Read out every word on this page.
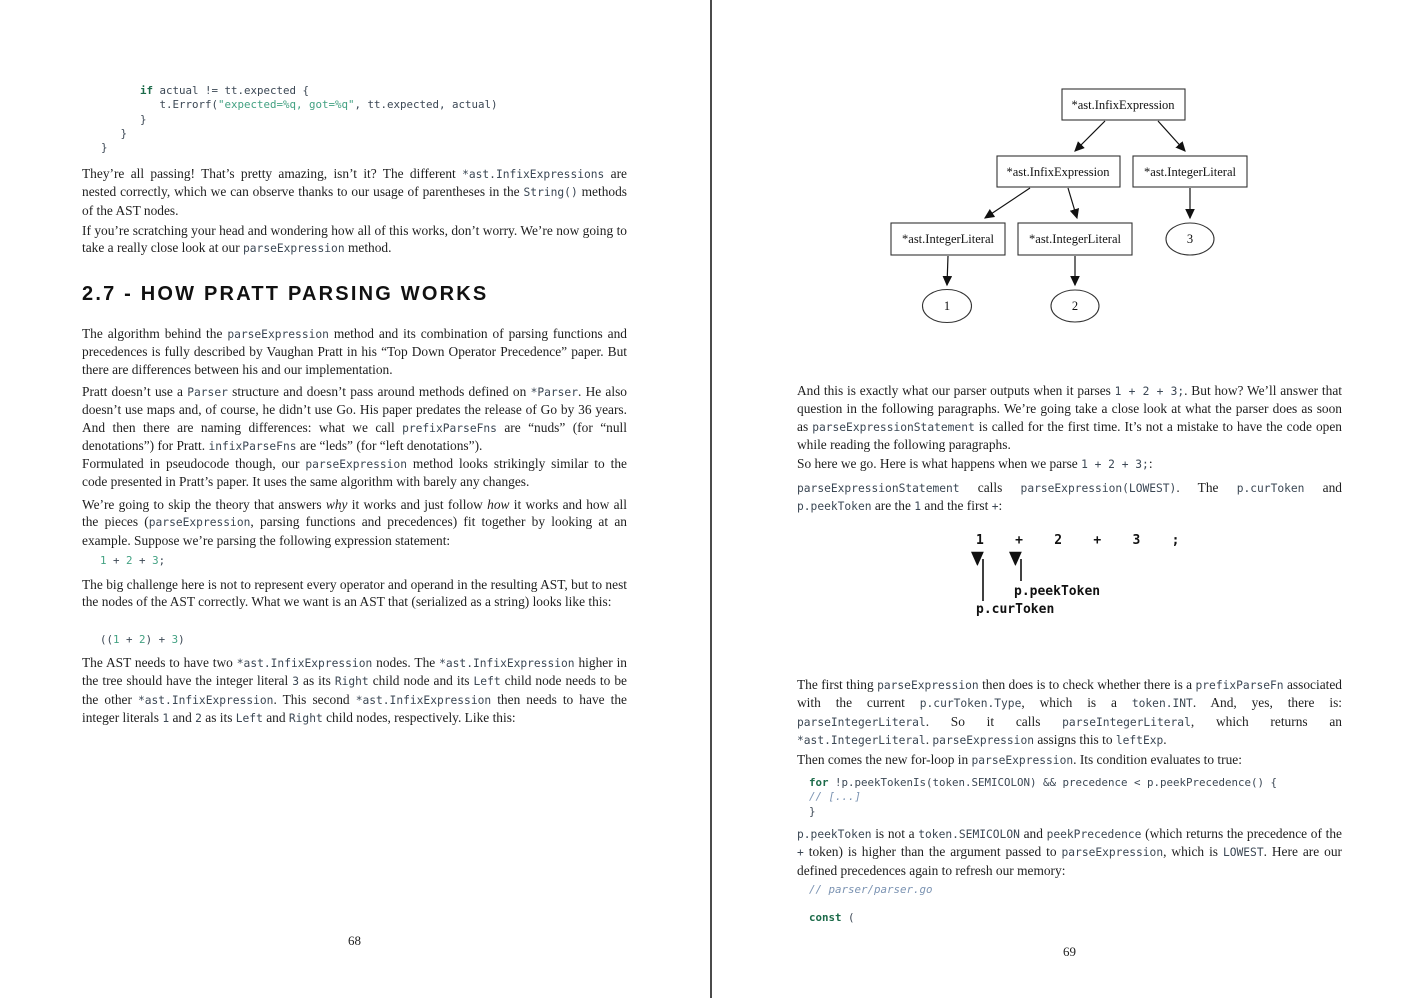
if actual != tt.expected {
t.Errorf("expected=%q, got=%q", tt.expected, actual)
}
}
}
They’re all passing! That’s pretty amazing, isn’t it? The different *ast.InfixExpressions are nested correctly, which we can observe thanks to our usage of parentheses in the String() methods of the AST nodes.
If you’re scratching your head and wondering how all of this works, don’t worry. We’re now going to take a really close look at our parseExpression method.
2.7 - HOW PRATT PARSING WORKS
The algorithm behind the parseExpression method and its combination of parsing functions and precedences is fully described by Vaughan Pratt in his “Top Down Operator Precedence” paper. But there are differences between his and our implementation.
Pratt doesn’t use a Parser structure and doesn’t pass around methods defined on *Parser. He also doesn’t use maps and, of course, he didn’t use Go. His paper predates the release of Go by 36 years. And then there are naming differences: what we call prefixParseFns are “nuds” (for “null denotations”) for Pratt. infixParseFns are “leds” (for “left denotations”).
Formulated in pseudocode though, our parseExpression method looks strikingly similar to the code presented in Pratt’s paper. It uses the same algorithm with barely any changes.
We’re going to skip the theory that answers why it works and just follow how it works and how all the pieces (parseExpression, parsing functions and precedences) fit together by looking at an example. Suppose we’re parsing the following expression statement:
1 + 2 + 3;
The big challenge here is not to represent every operator and operand in the resulting AST, but to nest the nodes of the AST correctly. What we want is an AST that (serialized as a string) looks like this:
((1 + 2) + 3)
The AST needs to have two *ast.InfixExpression nodes. The *ast.InfixExpression higher in the tree should have the integer literal 3 as its Right child node and its Left child node needs to be the other *ast.InfixExpression. This second *ast.InfixExpression then needs to have the integer literals 1 and 2 as its Left and Right child nodes, respectively. Like this:
68
*ast.InfixExpression
*ast.InfixExpression	*ast.IntegerLiteral
*ast.IntegerLiteral	*ast.IntegerLiteral	3
1	2
And this is exactly what our parser outputs when it parses 1 + 2 + 3;. But how? We’ll answer that question in the following paragraphs. We’re going take a close look at what the parser does as soon as parseExpressionStatement is called for the first time. It’s not a mistake to have the code open while reading the following paragraphs.
So here we go. Here is what happens when we parse 1 + 2 + 3;:
parseExpressionStatement calls parseExpression(LOWEST). The p.curToken and p.peekToken are the 1 and the first +:
1    +    2    +    3    ;
p.peekToken
p.curToken
The first thing parseExpression then does is to check whether there is a prefixParseFn associated with the current p.curToken.Type, which is a token.INT. And, yes, there is: parseIntegerLiteral. So it calls parseIntegerLiteral, which returns an *ast.IntegerLiteral. parseExpression assigns this to leftExp.
Then comes the new for-loop in parseExpression. Its condition evaluates to true:
for !p.peekTokenIs(token.SEMICOLON) && precedence < p.peekPrecedence() {
// [...]
}
p.peekToken is not a token.SEMICOLON and peekPrecedence (which returns the precedence of the + token) is higher than the argument passed to parseExpression, which is LOWEST. Here are our defined precedences again to refresh our memory:
// parser/parser.go
const (
69
